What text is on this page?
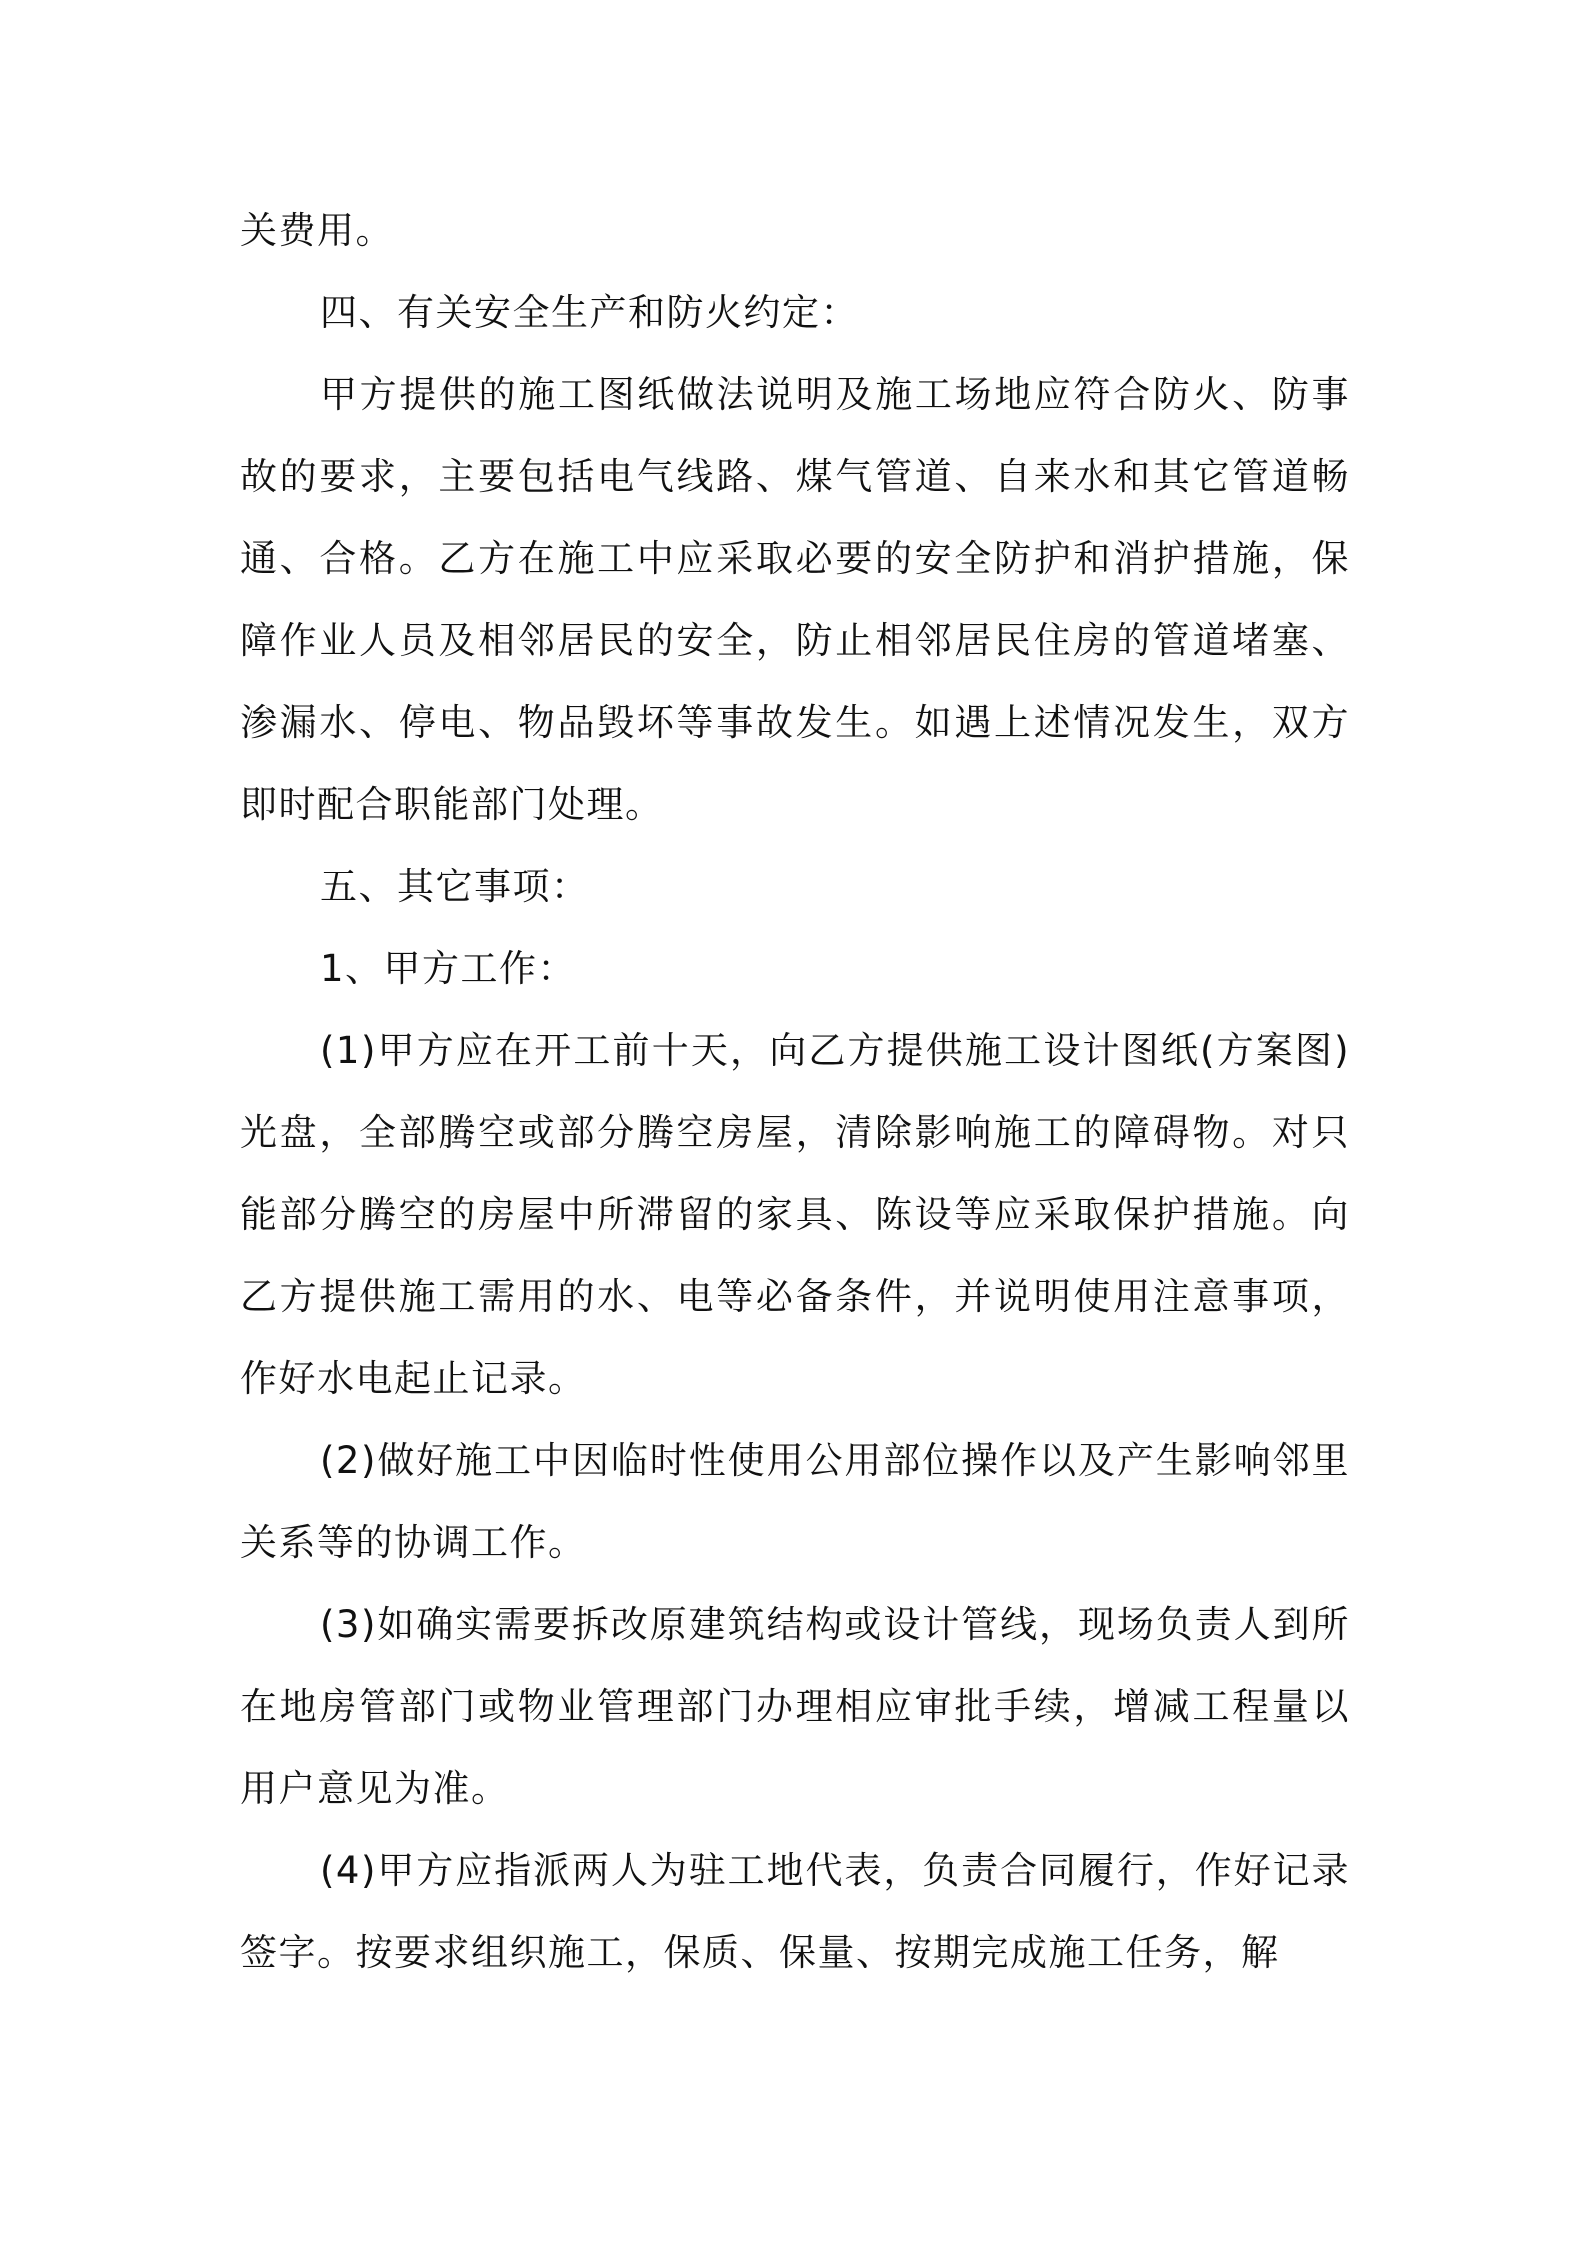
关费用。

四、有关安全生产和防火约定：

甲方提供的施工图纸做法说明及施工场地应符合防火、防事故的要求，主要包括电气线路、煤气管道、自来水和其它管道畅通、合格。乙方在施工中应采取必要的安全防护和消护措施，保障作业人员及相邻居民的安全，防止相邻居民住房的管道堵塞、渗漏水、停电、物品毁坏等事故发生。如遇上述情况发生，双方即时配合职能部门处理。

五、其它事项：

1、甲方工作：

(1)甲方应在开工前十天，向乙方提供施工设计图纸(方案图)光盘，全部腾空或部分腾空房屋，清除影响施工的障碍物。对只能部分腾空的房屋中所滞留的家具、陈设等应采取保护措施。向乙方提供施工需用的水、电等必备条件，并说明使用注意事项，作好水电起止记录。

(2)做好施工中因临时性使用公用部位操作以及产生影响邻里关系等的协调工作。

(3)如确实需要拆改原建筑结构或设计管线，现场负责人到所在地房管部门或物业管理部门办理相应审批手续，增减工程量以用户意见为准。

(4)甲方应指派两人为驻工地代表，负责合同履行，作好记录签字。按要求组织施工，保质、保量、按期完成施工任务，解
